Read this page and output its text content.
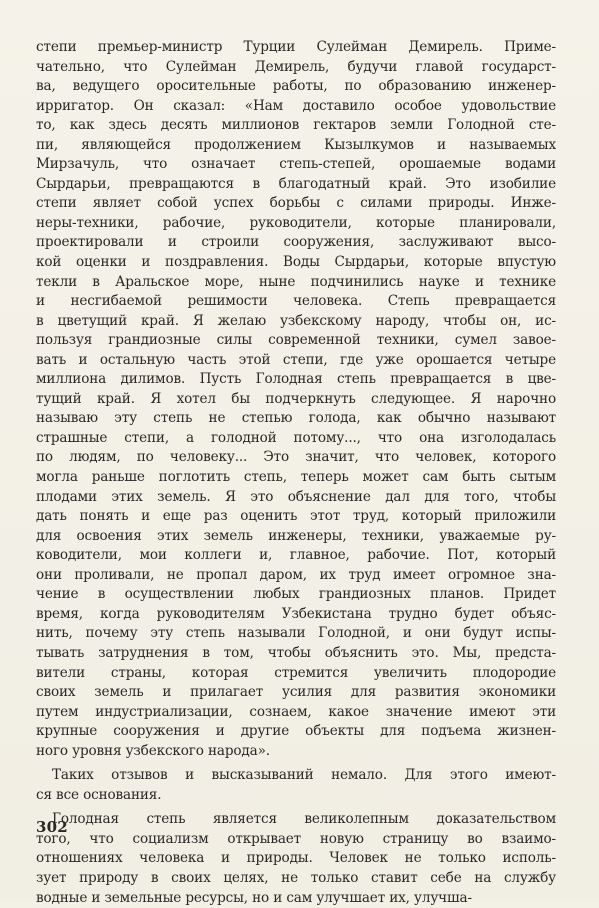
степи премьер-министр Турции Сулейман Демирель. Приме-
чательно, что Сулейман Демирель, будучи главой государст-
ва, ведущего оросительные работы, по образованию инженер-
ирригатор. Он сказал: «Нам доставило особое удовольствие
то, как здесь десять миллионов гектаров земли Голодной сте-
пи, являющейся продолжением Кызылкумов и называемых
Мирзачуль, что означает степь-степей, орошаемые водами
Сырдарьи, превращаются в благодатный край. Это изобилие
степи являет собой успех борьбы с силами природы. Инже-
неры-техники, рабочие, руководители, которые планировали,
проектировали и строили сооружения, заслуживают высо-
кой оценки и поздравления. Воды Сырдарьи, которые впустую
текли в Аральское море, ныне подчинились науке и технике
и несгибаемой решимости человека. Степь превращается
в цветущий край. Я желаю узбекскому народу, чтобы он, ис-
пользуя грандиозные силы современной техники, сумел завое-
вать и остальную часть этой степи, где уже орошается четыре
миллиона дилимов. Пусть Голодная степь превращается в цве-
тущий край. Я хотел бы подчеркнуть следующее. Я нарочно
называю эту степь не степью голода, как обычно называют
страшные степи, а голодной потому..., что она изголодалась
по людям, по человеку... Это значит, что человек, которого
могла раньше поглотить степь, теперь может сам быть сытым
плодами этих земель. Я это объяснение дал для того, чтобы
дать понять и еще раз оценить этот труд, который приложили
для освоения этих земель инженеры, техники, уважаемые ру-
ководители, мои коллеги и, главное, рабочие. Пот, который
они проливали, не пропал даром, их труд имеет огромное зна-
чение в осуществлении любых грандиозных планов. Придет
время, когда руководителям Узбекистана трудно будет объяс-
нить, почему эту степь называли Голодной, и они будут испы-
тывать затруднения в том, чтобы объяснить это. Мы, предста-
вители страны, которая стремится увеличить плодородие
своих земель и прилагает усилия для развития экономики
путем индустриализации, сознаем, какое значение имеют эти
крупные сооружения и другие объекты для подъема жизнен-
ного уровня узбекского народа».
Таких отзывов и высказываний немало. Для этого имеют-
ся все основания.
Голодная степь является великолепным доказательством
того, что социализм открывает новую страницу во взаимо-
отношениях человека и природы. Человек не только исполь-
зует природу в своих целях, не только ставит себе на службу
водные и земельные ресурсы, но и сам улучшает их, улучша-
302
